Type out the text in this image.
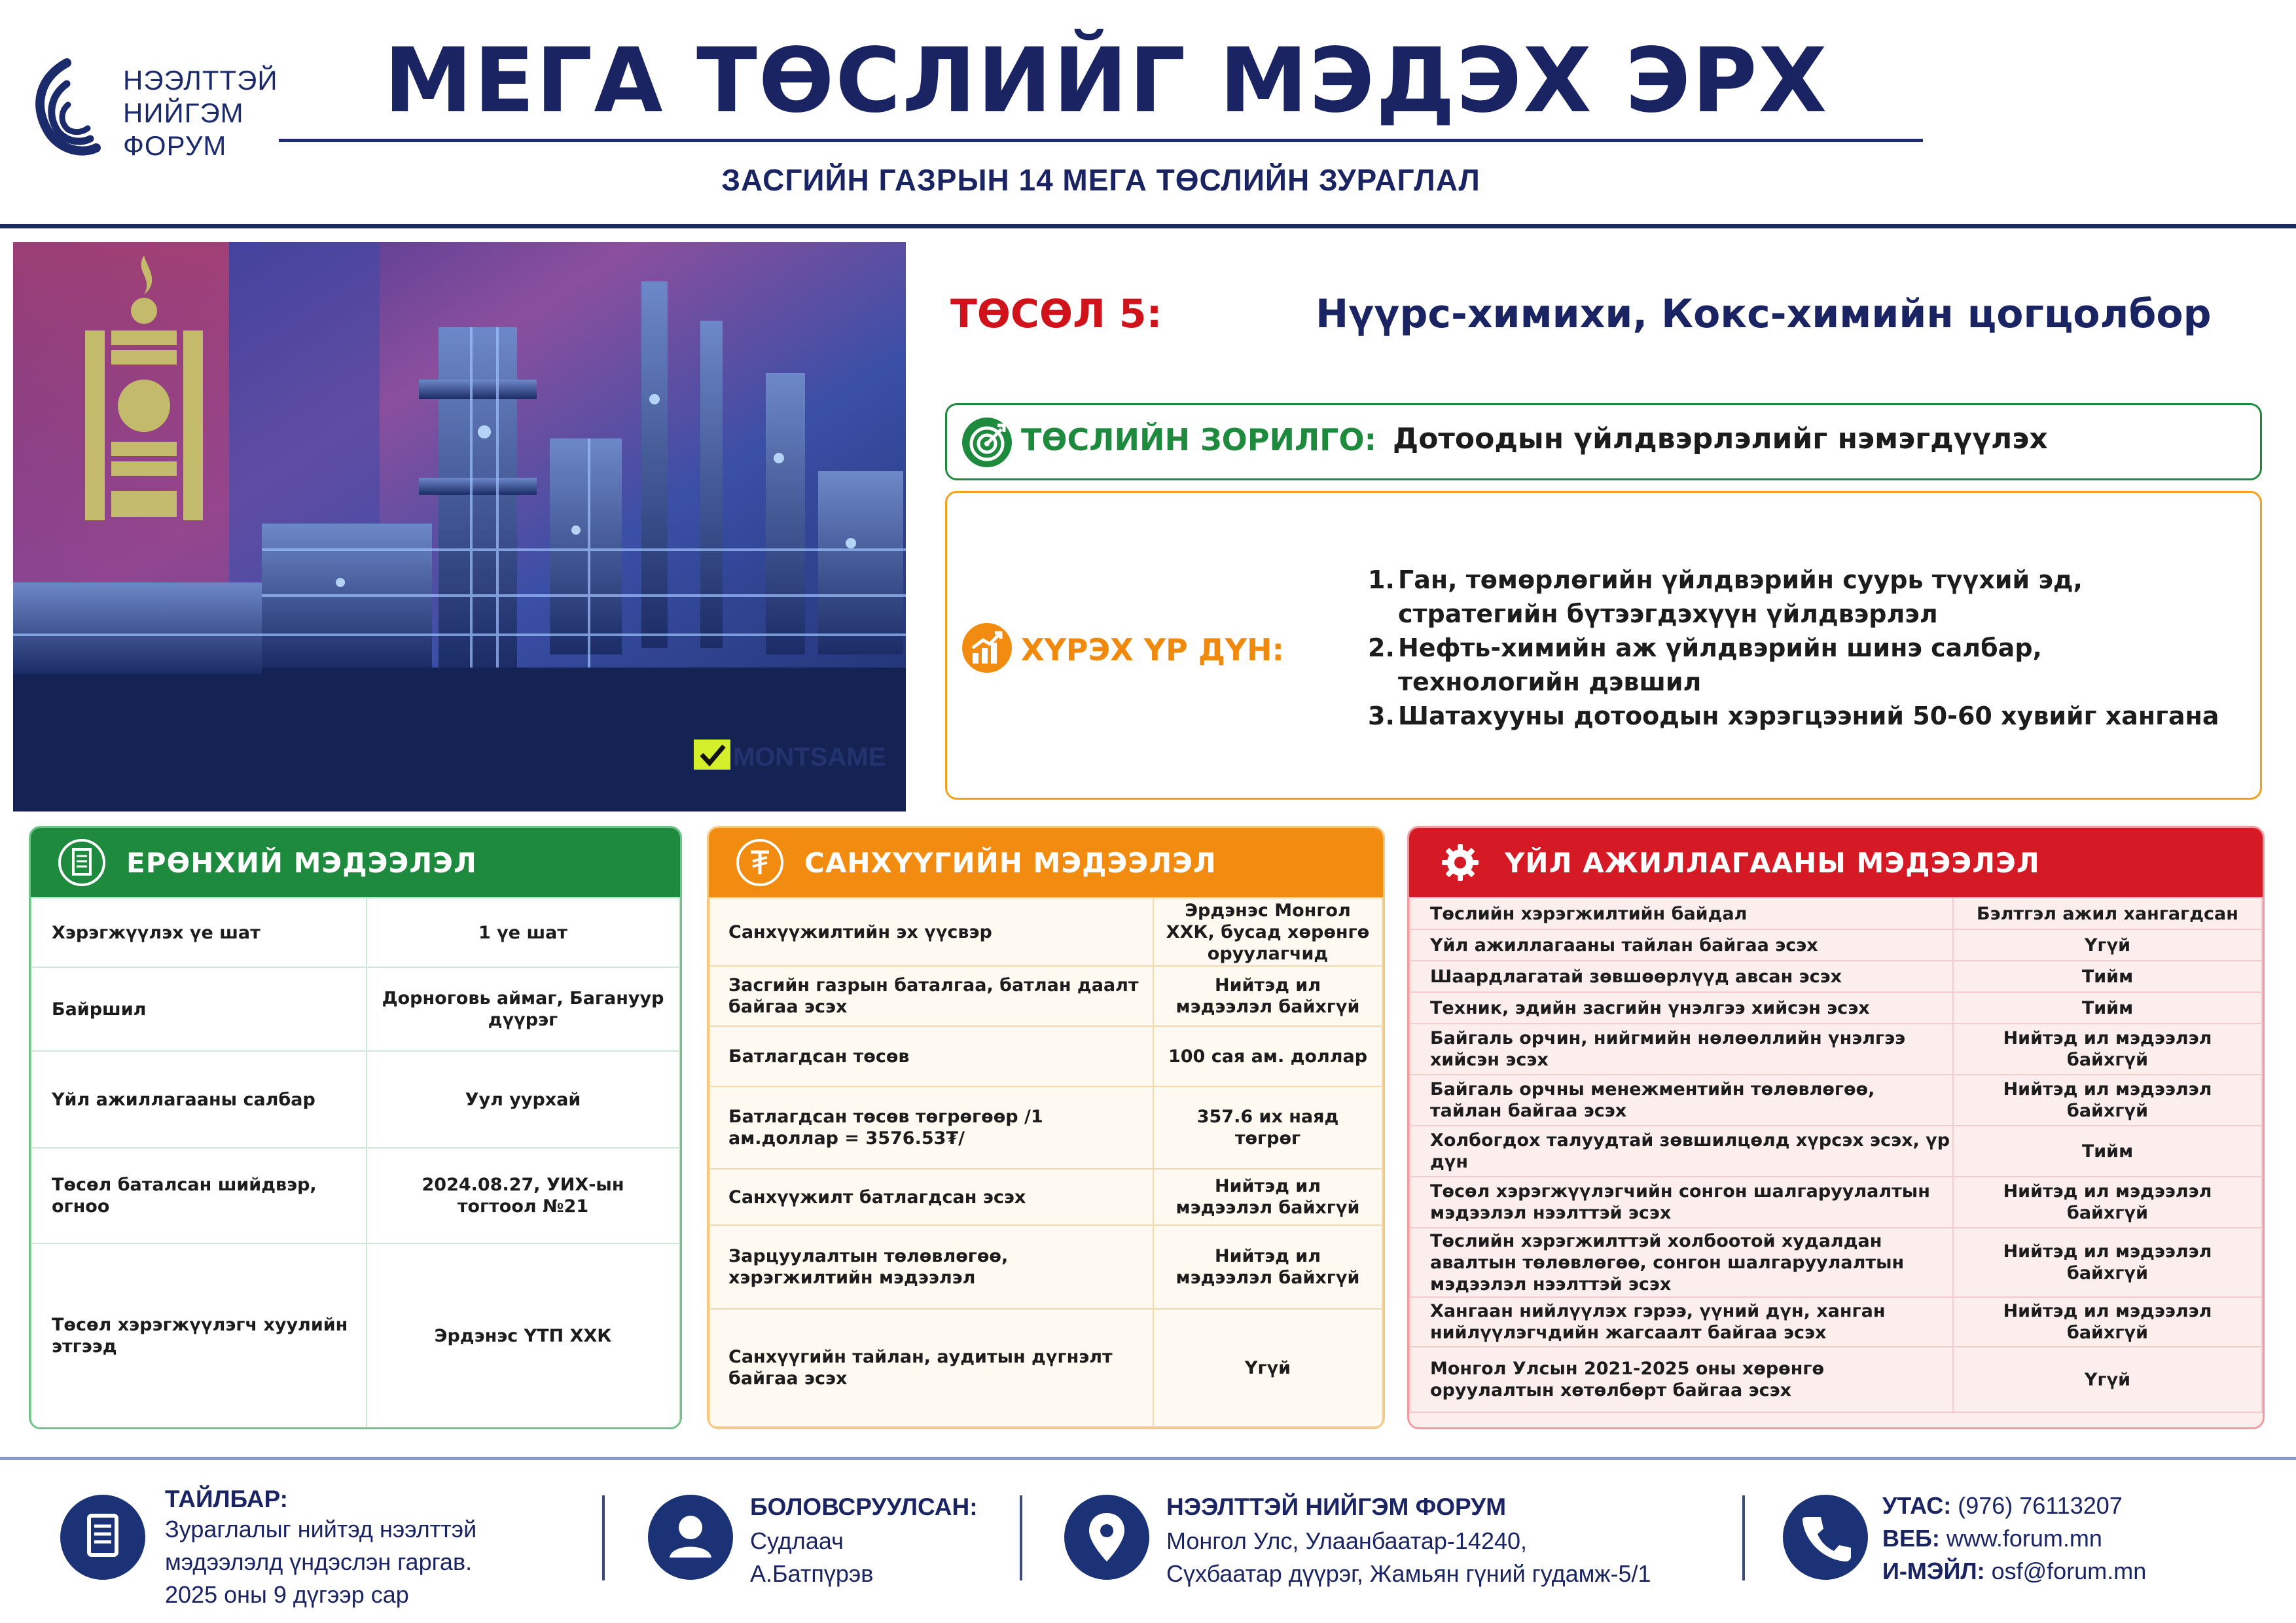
НЭЭЛТТЭЙ
НИЙГЭМ
ФОРУМ
МЕГА ТӨСЛИЙГ МЭДЭХ ЭРХ
ЗАСГИЙН ГАЗРЫН 14 МЕГА ТӨСЛИЙН ЗУРАГЛАЛ
MONTSAME
ТӨСӨЛ 5:	Нүүрс-химихи, Кокс-химийн цогцолбор
ТӨСЛИЙН ЗОРИЛГО: Дотоодын үйлдвэрлэлийг нэмэгдүүлэх
ХҮРЭХ ҮР ДҮН:
1. Ган, төмөрлөгийн үйлдвэрийн суурь түүхий эд, стратегийн бүтээгдэхүүн үйлдвэрлэл
2. Нефть-химийн аж үйлдвэрийн шинэ салбар, технологийн дэвшил
3. Шатахууны дотоодын хэрэгцээний 50-60 хувийг хангана
ЕРӨНХИЙ МЭДЭЭЛЭЛ
Хэрэгжүүлэх үе шат	1 үе шат
Байршил	Дорноговь аймаг, Багануур дүүрэг
Үйл ажиллагааны салбар	Уул уурхай
Төсөл баталсан шийдвэр, огноо	2024.08.27, УИХ-ын тогтоол №21
Төсөл хэрэгжүүлэгч хуулийн этгээд	Эрдэнэс ҮТП ХХК
САНХҮҮГИЙН МЭДЭЭЛЭЛ
Санхүүжилтийн эх үүсвэр	Эрдэнэс Монгол ХХК, бусад хөрөнгө оруулагчид
Засгийн газрын баталгаа, батлан даалт байгаа эсэх	Нийтэд ил мэдээлэл байхгүй
Батлагдсан төсөв	100 сая ам. доллар
Батлагдсан төсөв төгрөгөөр /1 ам.доллар = 3576.53₮/	357.6 их наяд төгрөг
Санхүүжилт батлагдсан эсэх	Нийтэд ил мэдээлэл байхгүй
Зарцуулалтын төлөвлөгөө, хэрэгжилтийн мэдээлэл	Нийтэд ил мэдээлэл байхгүй
Санхүүгийн тайлан, аудитын дүгнэлт байгаа эсэх	Үгүй
ҮЙЛ АЖИЛЛАГААНЫ МЭДЭЭЛЭЛ
Төслийн хэрэгжилтийн байдал	Бэлтгэл ажил хангагдсан
Үйл ажиллагааны тайлан байгаа эсэх	Үгүй
Шаардлагатай зөвшөөрлүүд авсан эсэх	Тийм
Техник, эдийн засгийн үнэлгээ хийсэн эсэх	Тийм
Байгаль орчин, нийгмийн нөлөөллийн үнэлгээ хийсэн эсэх	Нийтэд ил мэдээлэл байхгүй
Байгаль орчны менежментийн төлөвлөгөө, тайлан байгаа эсэх	Нийтэд ил мэдээлэл байхгүй
Холбогдох талуудтай зөвшилцөлд хүрсэх эсэх, үр дүн	Тийм
Төсөл хэрэгжүүлэгчийн сонгон шалгаруулалтын мэдээлэл нээлттэй эсэх	Нийтэд ил мэдээлэл байхгүй
Төслийн хэрэгжилттэй холбоотой худалдан авалтын төлөвлөгөө, сонгон шалгаруулалтын мэдээлэл нээлттэй эсэх	Нийтэд ил мэдээлэл байхгүй
Хангаан нийлүүлэх гэрээ, үүний дүн, ханган нийлүүлэгчдийн жагсаалт байгаа эсэх	Нийтэд ил мэдээлэл байхгүй
Монгол Улсын 2021-2025 оны хөрөнгө оруулалтын хөтөлбөрт байгаа эсэх	Үгүй
ТАЙЛБАР:
Зураглалыг нийтэд нээлттэй
мэдээлэлд үндэслэн гаргав.
2025 оны 9 дүгээр сар
БОЛОВСРУУЛСАН:
Судлаач
А.Батпүрэв
НЭЭЛТТЭЙ НИЙГЭМ ФОРУМ
Монгол Улс, Улаанбаатар-14240,
Сүхбаатар дүүрэг, Жамьян гүний гудамж-5/1
УТАС: (976) 76113207
ВЕБ: www.forum.mn
И-МЭЙЛ: osf@forum.mn
